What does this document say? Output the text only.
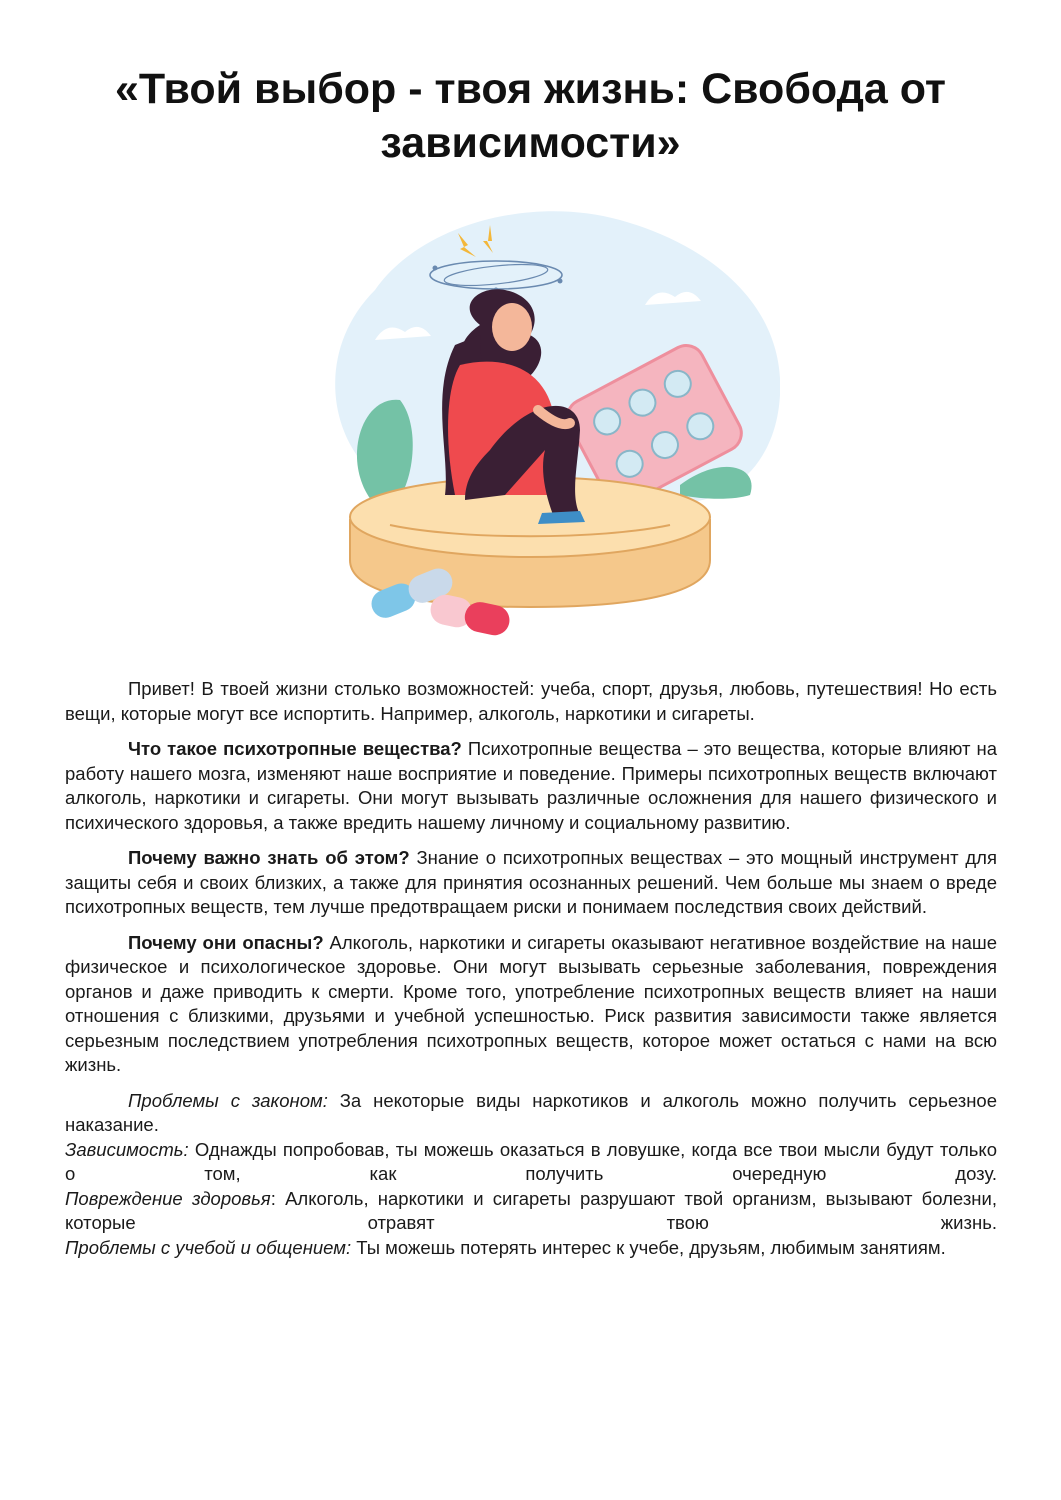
«Твой выбор - твоя жизнь: Свобода от зависимости»

Привет! В твоей жизни столько возможностей: учеба, спорт, друзья, любовь, путешествия! Но есть вещи, которые могут все испортить. Например, алкоголь, наркотики и сигареты.

Что такое психотропные вещества? Психотропные вещества – это вещества, которые влияют на работу нашего мозга, изменяют наше восприятие и поведение. Примеры психотропных веществ включают алкоголь, наркотики и сигареты. Они могут вызывать различные осложнения для нашего физического и психического здоровья, а также вредить нашему личному и социальному развитию.

Почему важно знать об этом? Знание о психотропных веществах – это мощный инструмент для защиты себя и своих близких, а также для принятия осознанных решений. Чем больше мы знаем о вреде психотропных веществ, тем лучше предотвращаем риски и понимаем последствия своих действий.

Почему они опасны? Алкоголь, наркотики и сигареты оказывают негативное воздействие на наше физическое и психологическое здоровье. Они могут вызывать серьезные заболевания, повреждения органов и даже приводить к смерти. Кроме того, употребление психотропных веществ влияет на наши отношения с близкими, друзьями и учебной успешностью. Риск развития зависимости также является серьезным последствием употребления психотропных веществ, которое может остаться с нами на всю жизнь.

Проблемы с законом: За некоторые виды наркотиков и алкоголь можно получить серьезное наказание.
Зависимость: Однажды попробовав, ты можешь оказаться в ловушке, когда все твои мысли будут только о том, как получить очередную дозу.
Повреждение здоровья: Алкоголь, наркотики и сигареты разрушают твой организм, вызывают болезни, которые отравят твою жизнь.
Проблемы с учебой и общением: Ты можешь потерять интерес к учебе, друзьям, любимым занятиям.
